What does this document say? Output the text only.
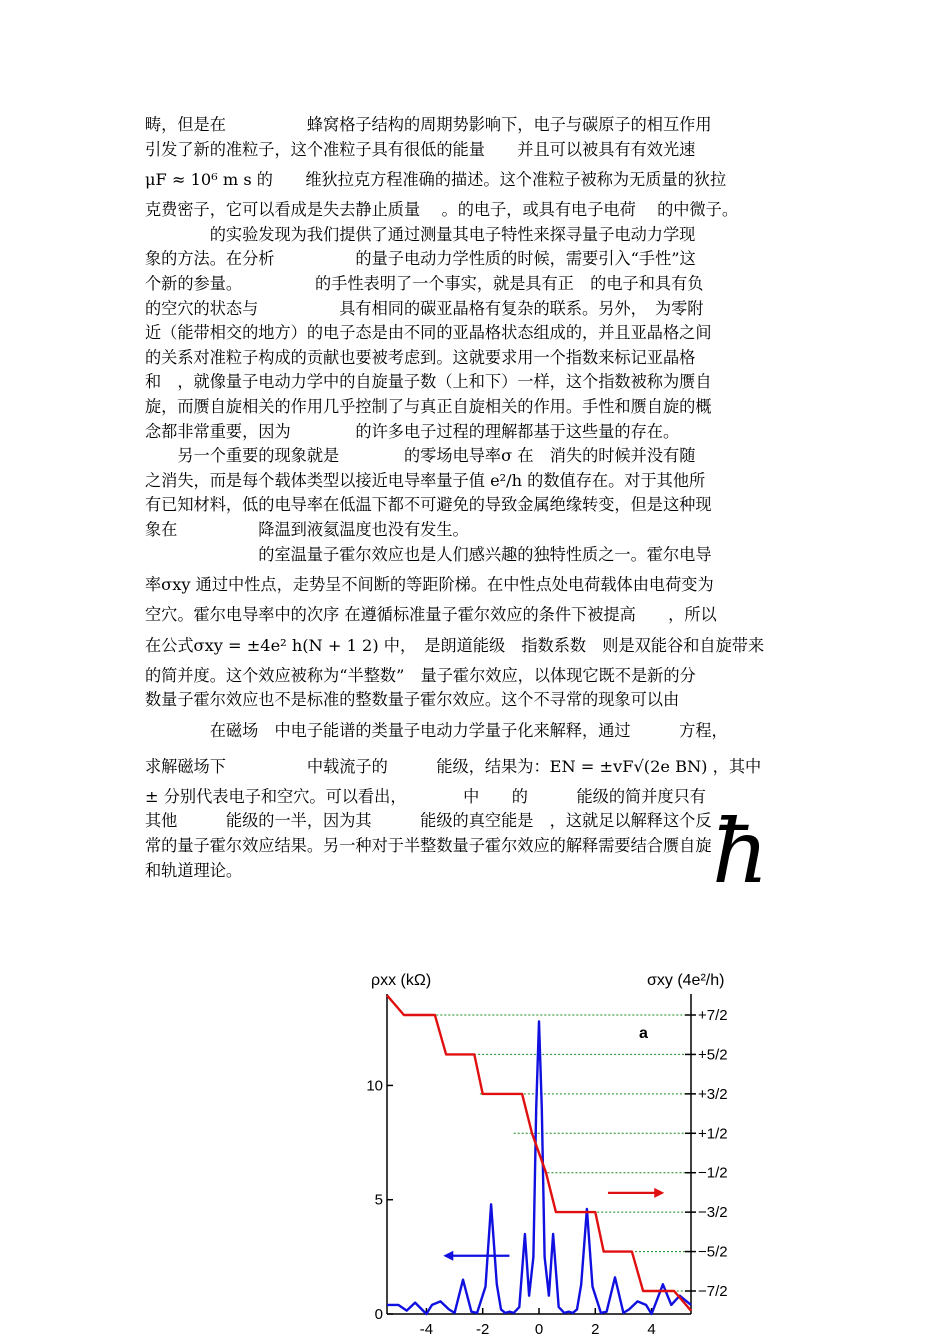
畴，但是在　　　　　蜂窝格子结构的周期势影响下，电子与碳原子的相互作用
引发了新的准粒子，这个准粒子具有很低的能量　　并且可以被具有有效光速
μF ≈ 10⁶ m s 的　　维狄拉克方程准确的描述。这个准粒子被称为无质量的狄拉
克费密子，它可以看成是失去静止质量　 。的电子，或具有电子电荷　 的中微子。
　　　　的实验发现为我们提供了通过测量其电子特性来探寻量子电动力学现
象的方法。在分析　　　　　的量子电动力学性质的时候，需要引入“手性”这
个新的参量。　　　　　的手性表明了一个事实，就是具有正　的电子和具有负
的空穴的状态与　　　　　具有相同的碳亚晶格有复杂的联系。另外，　为零附
近（能带相交的地方）的电子态是由不同的亚晶格状态组成的，并且亚晶格之间
的关系对准粒子构成的贡献也要被考虑到。这就要求用一个指数来标记亚晶格
和　，就像量子电动力学中的自旋量子数（上和下）一样，这个指数被称为赝自
旋，而赝自旋相关的作用几乎控制了与真正自旋相关的作用。手性和赝自旋的概
念都非常重要，因为　　　　的许多电子过程的理解都基于这些量的存在。
　　另一个重要的现象就是　　　　的零场电导率σ 在　消失的时候并没有随
之消失，而是每个载体类型以接近电导率量子值 e²/h 的数值存在。对于其他所
有已知材料，低的电导率在低温下都不可避免的导致金属绝缘转变，但是这种现
象在　　　　　降温到液氦温度也没有发生。
　　　　　　　的室温量子霍尔效应也是人们感兴趣的独特性质之一。霍尔电导
率σxy 通过中性点，走势呈不间断的等距阶梯。在中性点处电荷载体由电荷变为
空穴。霍尔电导率中的次序 在遵循标准量子霍尔效应的条件下被提高　　，所以
在公式σxy = ±4e² h(N + 1 2) 中，　是朗道能级　指数系数　则是双能谷和自旋带来
的简并度。这个效应被称为“半整数”　量子霍尔效应，以体现它既不是新的分
数量子霍尔效应也不是标准的整数量子霍尔效应。这个不寻常的现象可以由
　　　　在磁场　中电子能谱的类量子电动力学量子化来解释，通过　　　方程，
求解磁场下　　　　　中载流子的　　　能级，结果为：EN = ±vF√(2e BN) ，其中
± 分别代表电子和空穴。可以看出，　　　　中　　的　　　能级的简并度只有
其他　　　能级的一半，因为其　　　能级的真空能是　，这就足以解释这个反
常的量子霍尔效应结果。另一种对于半整数量子霍尔效应的解释需要结合赝自旋
和轨道理论。	ħ
ρxx (kΩ)	σxy (4e²/h)
a
-4	-2	0	2	4
0
5
10
+7/2
+5/2
+3/2
+1/2
−1/2
−3/2
−5/2
−7/2
